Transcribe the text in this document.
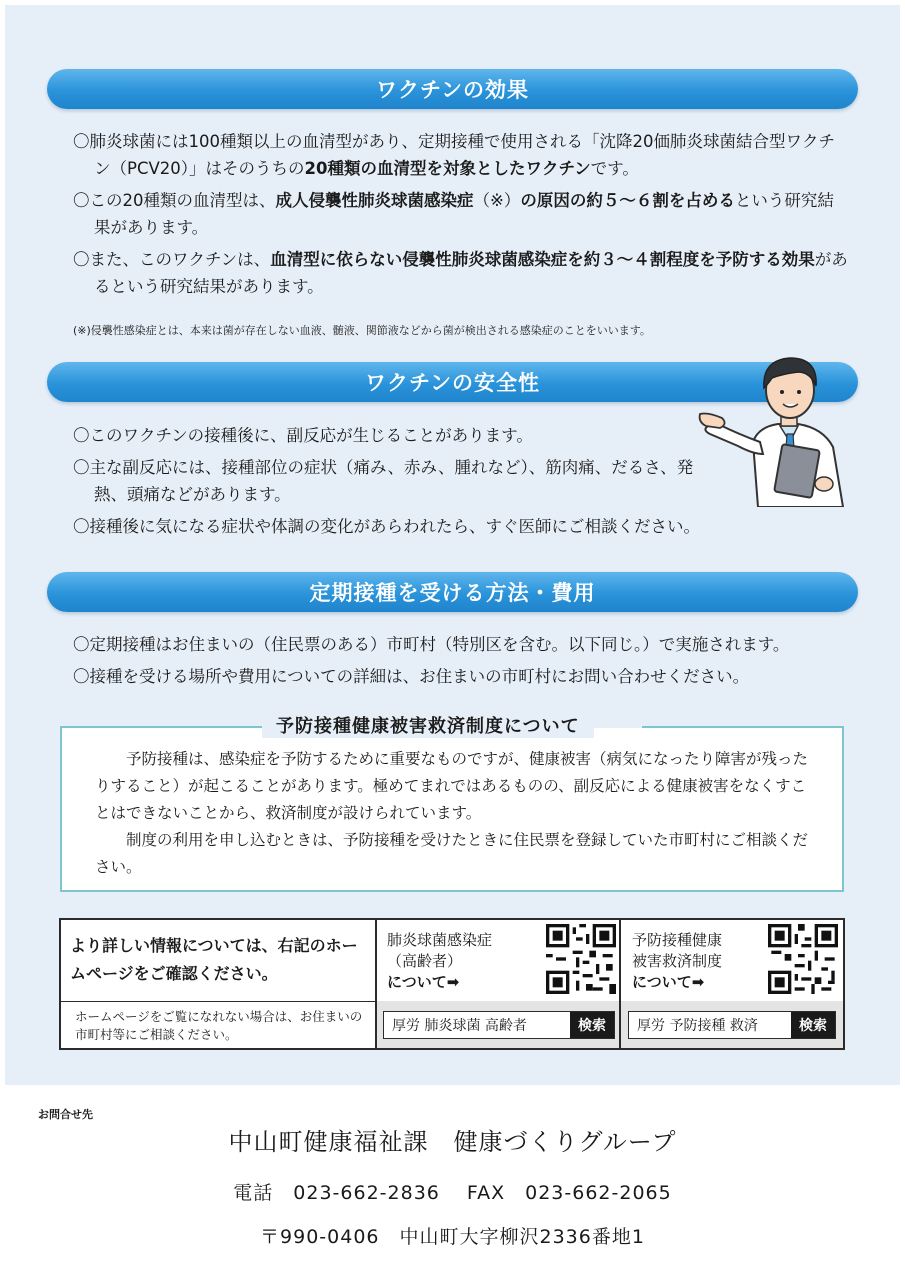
ワクチンの効果

〇肺炎球菌には100種類以上の血清型があり、定期接種で使用される「沈降20価肺炎球菌結合型ワクチン（PCV20）」はそのうちの20種類の血清型を対象としたワクチンです。

〇この20種類の血清型は、成人侵襲性肺炎球菌感染症（※）の原因の約５～６割を占めるという研究結果があります。

〇また、このワクチンは、血清型に依らない侵襲性肺炎球菌感染症を約３～４割程度を予防する効果があるという研究結果があります。

(※)侵襲性感染症とは、本来は菌が存在しない血液、髄液、関節液などから菌が検出される感染症のことをいいます。
ワクチンの安全性

〇このワクチンの接種後に、副反応が生じることがあります。

〇主な副反応には、接種部位の症状（痛み、赤み、腫れなど）、筋肉痛、だるさ、発熱、頭痛などがあります。

〇接種後に気になる症状や体調の変化があらわれたら、すぐ医師にご相談ください。

定期接種を受ける方法・費用

〇定期接種はお住まいの（住民票のある）市町村（特別区を含む。以下同じ。）で実施されます。

〇接種を受ける場所や費用についての詳細は、お住まいの市町村にお問い合わせください。

予防接種健康被害救済制度について

予防接種は、感染症を予防するために重要なものですが、健康被害（病気になったり障害が残ったりすること）が起こることがあります。極めてまれではあるものの、副反応による健康被害をなくすことはできないことから、救済制度が設けられています。

制度の利用を申し込むときは、予防接種を受けたときに住民票を登録していた市町村にご相談ください。

より詳しい情報については、右記のホームページをご確認ください。
ホームページをご覧になれない場合は、お住まいの市町村等にご相談ください。
肺炎球菌感染症
（高齢者）
について➡
厚労 肺炎球菌 高齢者	検索
予防接種健康
被害救済制度
について➡
厚労 予防接種 救済	検索
お問合せ先
中山町健康福祉課　健康づくりグループ
電話　023-662-2836　 FAX　023-662-2065
〒990-0406　中山町大字柳沢2336番地1
